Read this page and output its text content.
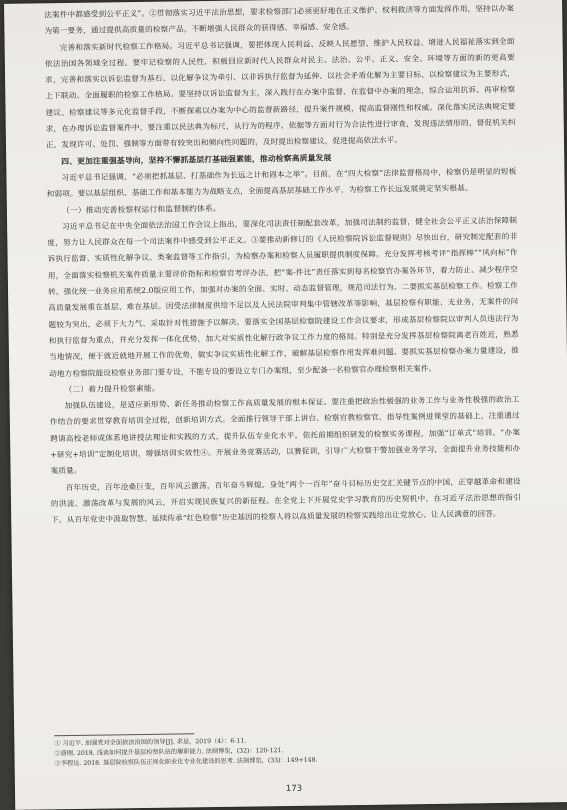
法案件中都感受到公平正义”。②贯彻落实习近平法治思想，要求检察部门必须更好地在正义维护、权利救济等方面发挥作用，坚持以办案为第一要务，通过提供高质量的检察产品，不断增强人民群众的获得感、幸福感、安全感。

完善和落实新时代检察工作格局。习近平总书记强调，要把体现人民利益、反映人民愿望、维护人民权益、增进人民福祉落实到全面依法治国各领域全过程。要牢记检察的人民性，积极回应新时代人民群众对民主、法治、公平、正义、安全、环境等方面的新的更高要求，完善和落实以诉讼监督为基石、以化解争议为牵引、以非诉执行监督为延伸、以社会矛盾化解为主要目标、以检察建议为主要形式，上下联动、全面履职的检察工作格局。要坚持以诉讼监督为主，深入践行在办案中监督、在监督中办案的理念，综合运用抗诉、再审检察建议、检察建议等多元化监督手段，不断探索以办案为中心的监督新路径，提升案件规模，提高监督刚性和权威。深化落实民法典规定要求，在办理诉讼监督案件中，要注重以民法典为标尺，从行为的程序、依据等方面对行为合法性进行审查，发现违法情形的，督促机关纠正，发现许可、处罚、强制等方面带有较突出和倾向性问题的，及时提出检察建议，促进提高依法水平。

四、更加注重强基导向，坚持不懈抓基层打基础强素能，推动检察高质量发展

习近平总书记强调，“必须把抓基层、打基础作为长远之计和固本之举”。目前，在“四大检察”法律监督格局中，检察仍是明显的短板和弱项。要以基层组织、基础工作和基本能力为战略支点，全面提高基层基础工作水平，为检察工作长远发展奠定坚实根基。

（一）推动完善检察权运行和监督制约体系。

习近平总书记在中央全面依法治国工作会议上指出，要深化司法责任制配套改革，加强司法制约监督，健全社会公平正义法治保障制度，努力让人民群众在每一个司法案件中感受到公平正义。③要推动新修订的《人民检察院诉讼监督规则》尽快出台，研究制定配套的非诉执行监督、实质性化解争议、类案监督等工作指引，为检察办案和检察人员履职提供制度保障。充分发挥考核考评“指挥棒”“风向标”作用，全面落实检察机关案件质量主要评价指标和检察官考评办法，把“案-件比”责任落实到每名检察官办案各环节，着力防止、减少程序空转。强化统一业务应用系统2.0版应用工作，加强对办案的全面、实时、动态监督管理，规范司法行为。二要抓实基层检察工作。检察工作高质量发展重在基层、难在基层。因受法律制度供给不足以及人民法院审判集中管辖改革等影响，基层检察有职能、无业务，无案件的问题较为突出，必须下大力气、采取针对性措施予以解决。要落实全国基层检察院建设工作会议要求，形成基层检察院以审判人员违法行为和执行监督为重点，并充分发挥一体化优势，加大对实质性化解行政争议工作力度的格局。特别是充分发挥基层检察院离老百姓近，熟悉当地情况，便于就近就地开展工作的优势，做实争议实质性化解工作，破解基层检察作用发挥难问题。要抓实基层检察办案力量建设，推动地方检察院能设检察业务部门要专设，不能专设的要设立专门办案组，至少配备一名检察官办理检察相关案件。

（二）着力提升检察素能。

加强队伍建设，是适应新形势、新任务推动检察工作高质量发展的根本保证。要注重把政治性极强的业务工作与业务性极强的政治工作结合的要求贯穿教育培训全过程，创新培训方式。全面推行领导干部上讲台、检察官教检察官、指导性案例进课堂的基础上，注重通过聘请高校老师或体系地讲授法理论和实践的方式，提升队伍专业化水平。依托前期组织研发的检察实务课程，加强“订单式”培训、“办案+研究+培训”定制化培训，增强培训实效性④。开展业务竞赛活动，以赛促训，引导广大检察干警加强业务学习，全面提升业务技能和办案质量。

百年历史，百年沧桑巨变，百年风云激荡，百年奋斗辉煌。身处“两个一百年”奋斗目标历史交汇关键节点的中国，正穿越革命和建设的洪流、激荡改革与发展的风云，开启实现民族复兴的新征程。在全党上下开展党史学习教育的历史契机中，在习近平法治思想的指引下，从百年党史中汲取智慧、延续传承“红色检察”历史基因的检察人将以高质量发展的检察实践给出让党放心、让人民满意的回答。

① 习近平. 加强党对全面依法治国的领导[J]. 求是，2019（4）：6-11.
②唐刚. 2018. 浅谈如何提升基层检察队伍的履职能力. 法制博览，(32)：120-121.
③李程远. 2018. 基层院检察队伍正规化职业化专业化建设的思考. 法制博览，(33)：149+148.
173
